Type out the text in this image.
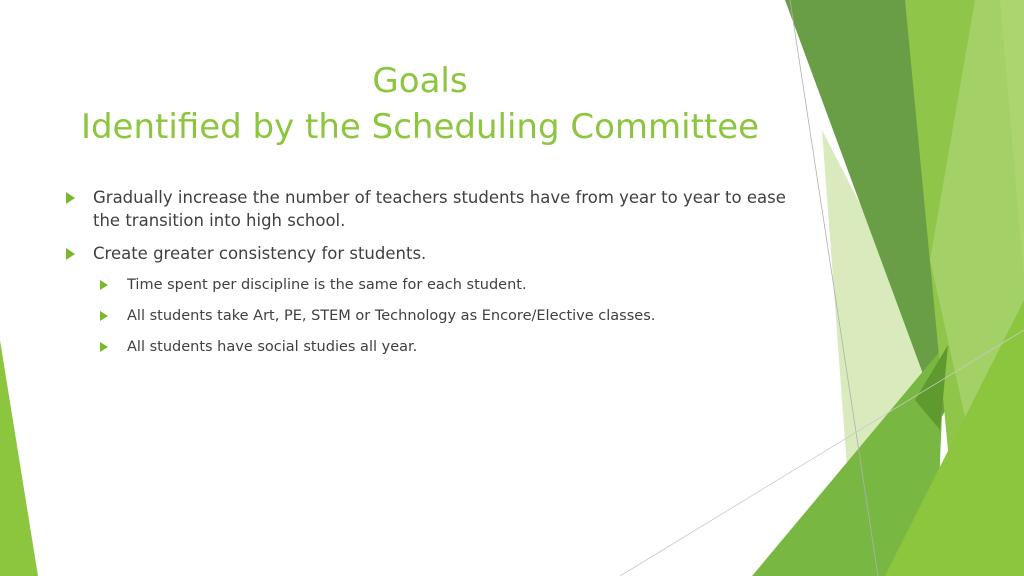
Goals
Identified by the Scheduling Committee
Gradually increase the number of teachers students have from year to year to ease the transition into high school.
Create greater consistency for students.
Time spent per discipline is the same for each student.
All students take Art, PE, STEM or Technology as Encore/Elective classes.
All students have social studies all year.
